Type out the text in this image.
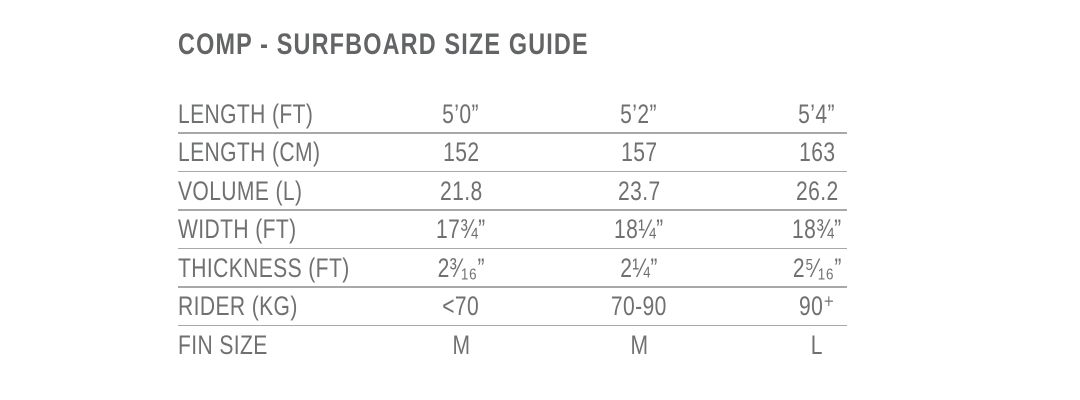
COMP - SURFBOARD SIZE GUIDE
LENGTH (FT)	5’0”	5’2”	5’4”
LENGTH (CM)	152	157	163
VOLUME (L)	21.8	23.7	26.2
WIDTH (FT)	17¾”	18¼”	18¾”
THICKNESS (FT)	2³⁄₁₆”	2¼”	2⁵⁄₁₆”
RIDER (KG)	<70	70-90	90⁺
FIN SIZE	M	M	L
